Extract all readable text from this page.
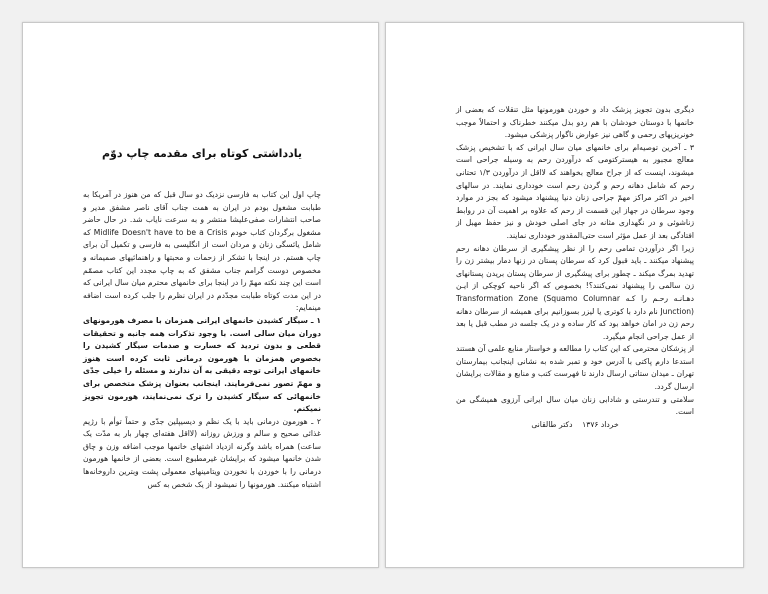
یادداشتی کوتاه برای مقدمه چاپ دوّم

چاپ اول این کتاب به فارسی نزدیک دو سال قبل که من هنوز در آمریکا به طبابت مشغول بودم در ایران به همت جناب آقای ناصر مشفق مدیر و صاحب انتشارات صفی‌علیشا منتشر و به سرعت نایاب شد. در حال حاضر مشغول برگردان کتاب خودم Midlife Doesn't have to be a Crisis که شامل یائسگی زنان و مردان است از انگلیسی به فارسی و تکمیل آن برای چاپ هستم. در اینجا با تشکر از زحمات و محبتها و راهنمائیهای صمیمانه و مخصوص دوست گرامم جناب مشفق که به چاپ مجدد این کتاب مصمّم است این چند نکته مهمّ را در اینجا برای خانمهای محترم میان سال ایرانی که در این مدت کوتاه طبابت مجدّدم در ایران نظرم را جلب کرده است اضافه مینمایم:

۱ ـ سیگار کشیدن خانمهای ایرانی همزمان با مصرف هورمونهای دوران میان سالی است. با وجود تذکرات همه جانبه و تحقیقات قطعی و بدون تردید که خسارت و صدمات سیگار کشیدن را بخصوص همزمان با هورمون درمانی ثابت کرده است هنوز خانمهای ایرانی توجه دقیقی به آن ندارند و مسئله را خیلی جدّی و مهمّ تصور نمی‌فرمایند. اینجانب بعنوان پزشک متخصص برای خانمهائی که سیگار کشیدن را ترک نمی‌نمایند، هورمون تجویز نمیکنم.

۲ ـ هورمون درمانی باید با یک نظم و دیسیپلین جدّی و حتماً توأم با رژیم غذائی صحیح و سالم و ورزش روزانه (لااقل هفته‌ای چهار بار به مدّت یک ساعت) همراه باشد وگرنه ازدیاد اشتهای خانمها موجب اضافه وزن و چاق شدن خانمها میشود که برایشان غیرمطبوع است. بعضی از خانمها هورمون درمانی را با خوردن با نخوردن ویتامینهای معمولی پشت وبترین داروخانه‌ها اشتباه میکنند. هورمونها را نمیشود از یک شخص به کس

دیگری بدون تجویز پزشک داد و خوردن هورمونها مثل تنقلات که بعضی از خانمها با دوستان خودشان با هم ردو بدل میکنند خطرناک و احتمالاً موجب خونریزیهای رحمی و گاهی نیز عوارض ناگوار پزشکی میشود.

۳ ـ آخرین توصیه‌ام برای خانمهای میان سال ایرانی که با تشخیص پزشک معالج مجبور به هیسترکتومی که درآوردن رحم به وسیله جراحی است میشوند، اینست که از جراح معالج بخواهند که لااقل از درآوردن ۱/۳ تحتانی رحم که شامل دهانه رحم و گردن رحم است خودداری نمایند. در سالهای اخیر در اکثر مراکز مهمّ جراحی زنان دنیا پیشنهاد میشود که بجز در موارد وجود سرطان در جهاز این قسمت از رحم که علاوه بر اهمیت آن در روابط زناشوئی و در نگهداری مثانه در جای اصلی خودش و نیز حفظ مهبل از افتادگی بعد از عمل مؤثر است حتی‌المقدور خودداری نمایند.

زیرا اگر درآوردن تمامی رحم را از نظر پیشگیری از سرطان دهانه رحم پیشنهاد میکنند ـ باید قبول کرد که سرطان پستان در زنها دمار بیشتر زن را تهدید بمرگ میکند ـ چطور برای پیشگیری از سرطان پستان بریدن پستانهای زن سالمی را پیشنهاد نمی‌کنند؟! بخصوص که اگر ناحیه کوچکی از ایـن دهـانـه رحـم را کـه Transformation Zone (Squamo Columnar Junction) نام دارد با کوتری یا لیزر بسوزانیم برای همیشه از سرطان دهانه رحم زن در امان خواهد بود که کار ساده و در یک جلسه در مطب قبل یا بعد از عمل جراحی انجام میگیرد.

از پزشکان محترمی که این کتاب را مطالعه و خواستار منابع علمی آن هستند استدعا دارم پاکتی با آدرس خود و تمبر شده به نشانی اینجانب بیمارستان تهران ـ میدان ستاتی ارسال دارند تا فهرست کتب و منابع و مقالات برایشان ارسال گردد.

سلامتی و تندرستی و شادابی زنان میان سال ایرانی آرزوی همیشگی من است.

خرداد ۱۳۷۶    دکتر طالقانی
